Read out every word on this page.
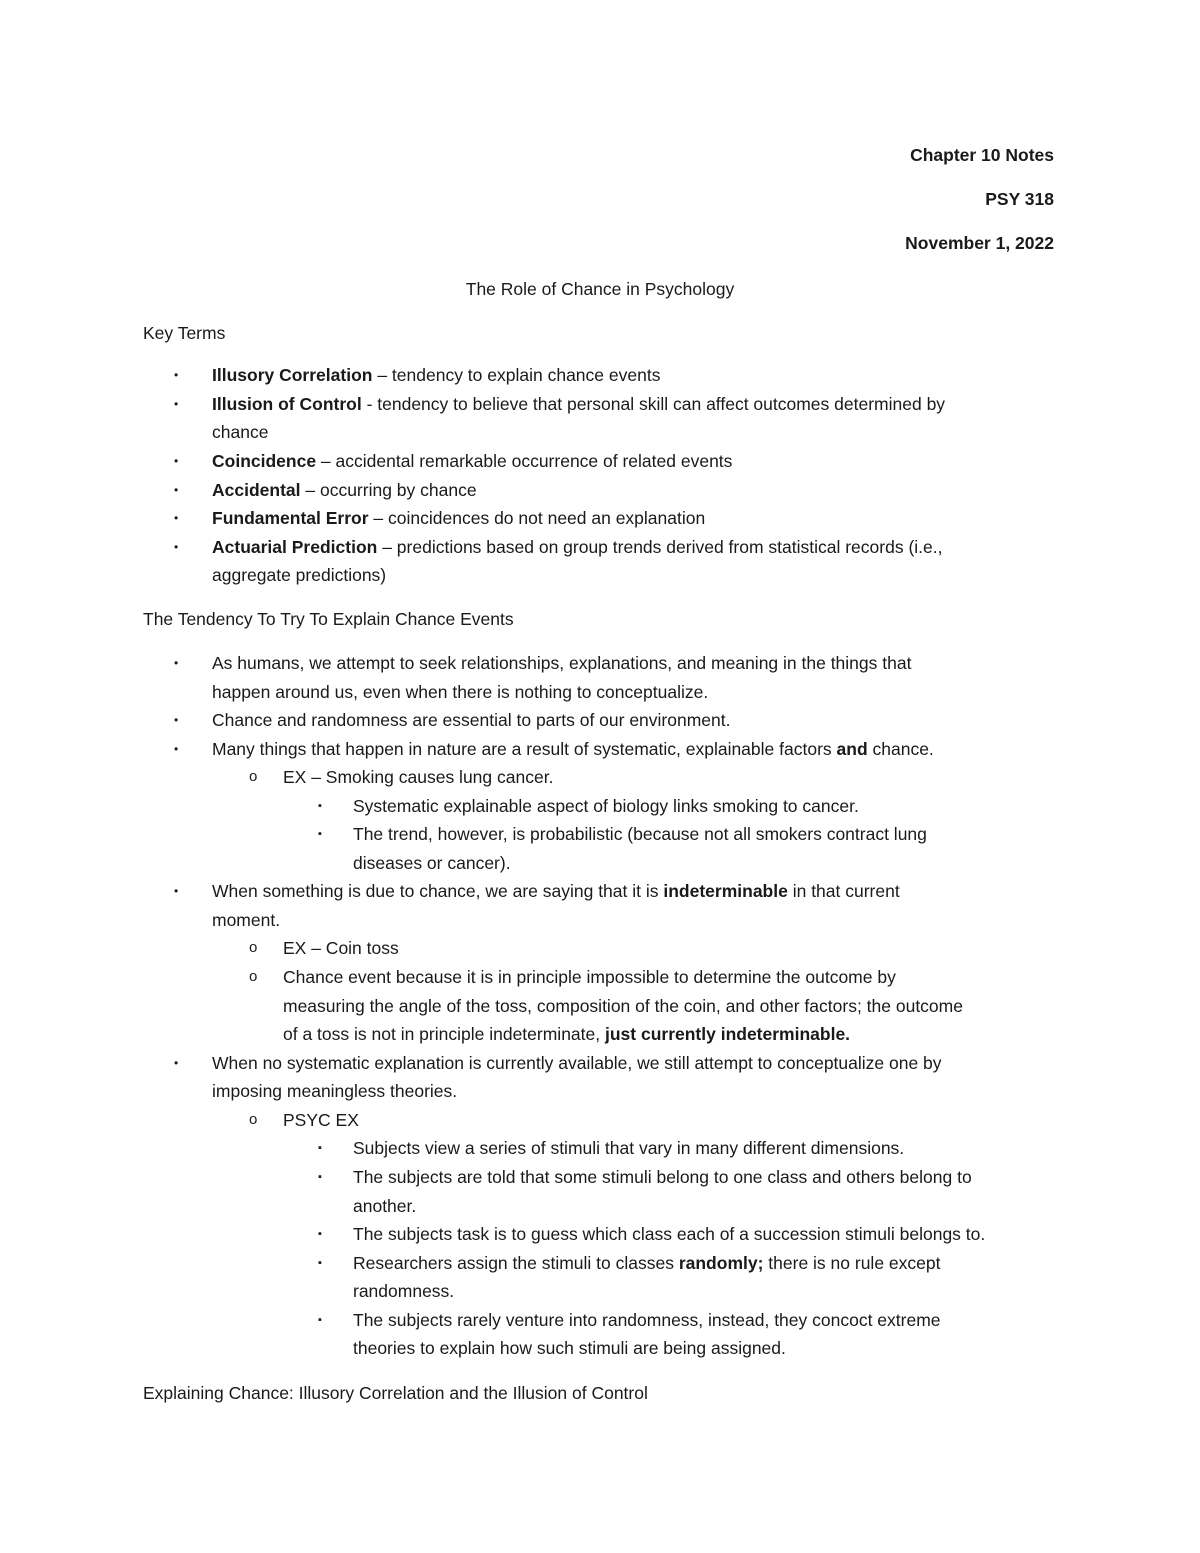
Chapter 10 Notes
PSY 318
November 1, 2022
The Role of Chance in Psychology
Key Terms
• Illusory Correlation – tendency to explain chance events
• Illusion of Control - tendency to believe that personal skill can affect outcomes determined by
chance
• Coincidence – accidental remarkable occurrence of related events
• Accidental – occurring by chance
• Fundamental Error – coincidences do not need an explanation
• Actuarial Prediction – predictions based on group trends derived from statistical records (i.e.,
aggregate predictions)
The Tendency To Try To Explain Chance Events
• As humans, we attempt to seek relationships, explanations, and meaning in the things that
happen around us, even when there is nothing to conceptualize.
• Chance and randomness are essential to parts of our environment.
• Many things that happen in nature are a result of systematic, explainable factors and chance.
o EX – Smoking causes lung cancer.
▪ Systematic explainable aspect of biology links smoking to cancer.
▪ The trend, however, is probabilistic (because not all smokers contract lung
diseases or cancer).
• When something is due to chance, we are saying that it is indeterminable in that current
moment.
o EX – Coin toss
o Chance event because it is in principle impossible to determine the outcome by
measuring the angle of the toss, composition of the coin, and other factors; the outcome
of a toss is not in principle indeterminate, just currently indeterminable.
• When no systematic explanation is currently available, we still attempt to conceptualize one by
imposing meaningless theories.
o PSYC EX
▪ Subjects view a series of stimuli that vary in many different dimensions.
▪ The subjects are told that some stimuli belong to one class and others belong to
another.
▪ The subjects task is to guess which class each of a succession stimuli belongs to.
▪ Researchers assign the stimuli to classes randomly; there is no rule except
randomness.
▪ The subjects rarely venture into randomness, instead, they concoct extreme
theories to explain how such stimuli are being assigned.
Explaining Chance: Illusory Correlation and the Illusion of Control
